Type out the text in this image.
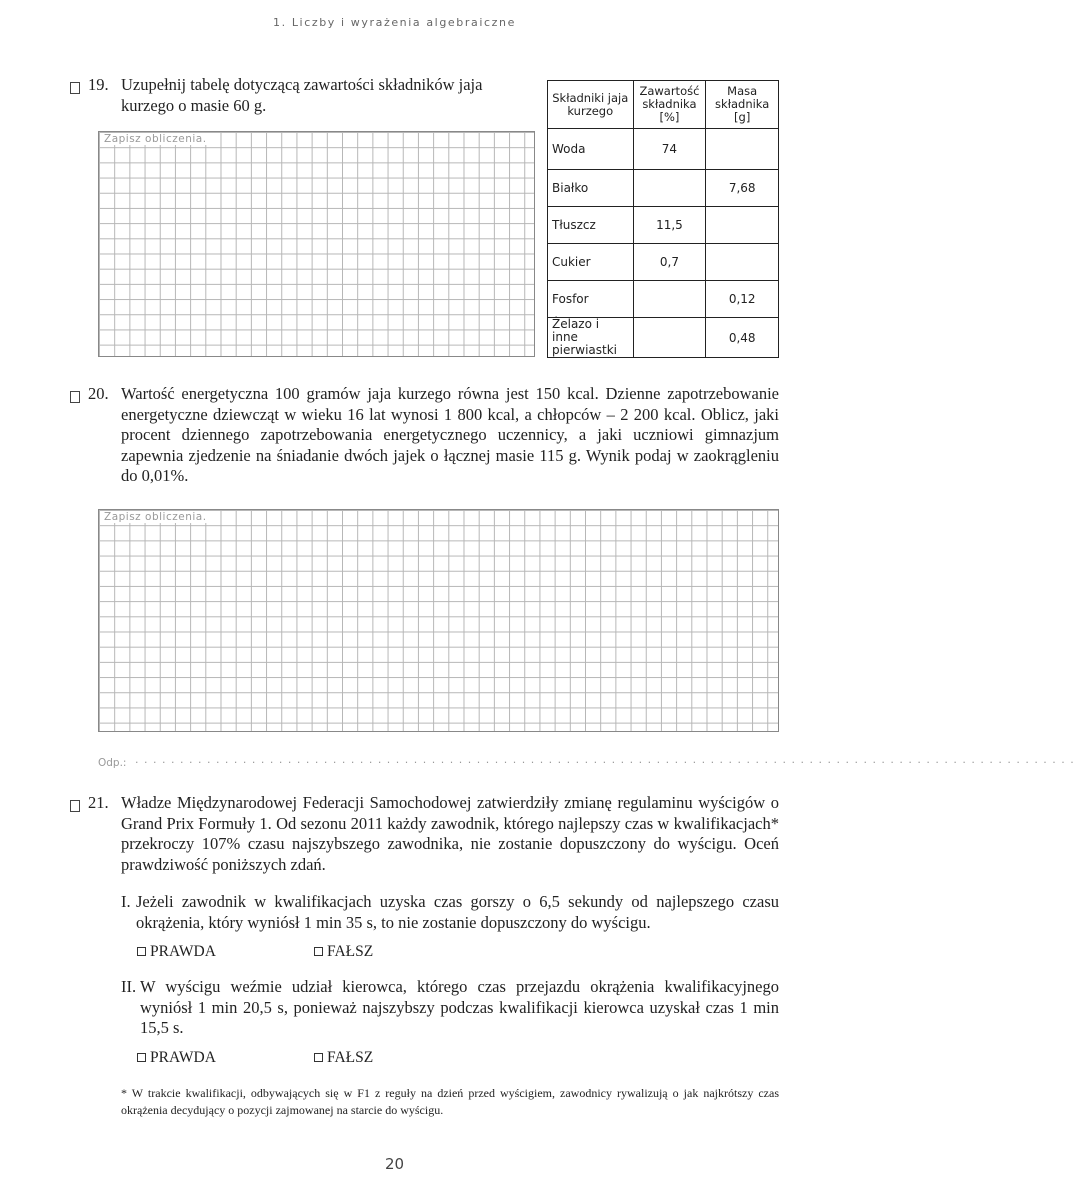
1. Liczby i wyrażenia algebraiczne
19. Uzupełnij tabelę dotyczącą zawartości składników jaja kurzego o masie 60 g.
Zapisz obliczenia.
Składniki jaja kurzego	Zawartość składnika [%]	Masa składnika [g]
Woda	74	
Białko		7,68
Tłuszcz	11,5	
Cukier	0,7	
Fosfor		0,12
Żelazo i inne pierwiastki		0,48
20. Wartość energetyczna 100 gramów jaja kurzego równa jest 150 kcal. Dzienne zapotrzebowanie energetyczne dziewcząt w wieku 16 lat wynosi 1 800 kcal, a chłopców – 2 200 kcal. Oblicz, jaki procent dziennego zapotrzebowania energetycznego uczennicy, a jaki uczniowi gimnazjum zapewnia zjedzenie na śniadanie dwóch jajek o łącznej masie 115 g. Wynik podaj w zaokrągleniu do 0,01%.
Zapisz obliczenia.
Odp.: · · · · · · · · · · · · · · · · · · · · · · · · · · · · · · · · · · · · · · · · · · · · · · · · · · · · · · · · · · · · · · · · · · · · · · · · · · · · · · · · · · · · · · · · · · · · · · · · · · · · · · · · ·
21. Władze Międzynarodowej Federacji Samochodowej zatwierdziły zmianę regulaminu wyścigów o Grand Prix Formuły 1. Od sezonu 2011 każdy zawodnik, którego najlepszy czas w kwalifikacjach* przekroczy 107% czasu najszybszego zawodnika, nie zostanie dopuszczony do wyścigu. Oceń prawdziwość poniższych zdań.
I. Jeżeli zawodnik w kwalifikacjach uzyska czas gorszy o 6,5 sekundy od najlepszego czasu okrążenia, który wyniósł 1 min 35 s, to nie zostanie dopuszczony do wyścigu.
PRAWDA	FAŁSZ
II. W wyścigu weźmie udział kierowca, którego czas przejazdu okrążenia kwalifikacyjnego wyniósł 1 min 20,5 s, ponieważ najszybszy podczas kwalifikacji kierowca uzyskał czas 1 min 15,5 s.
PRAWDA	FAŁSZ
* W trakcie kwalifikacji, odbywających się w F1 z reguły na dzień przed wyścigiem, zawodnicy rywalizują o jak najkrótszy czas okrążenia decydujący o pozycji zajmowanej na starcie do wyścigu.
20
